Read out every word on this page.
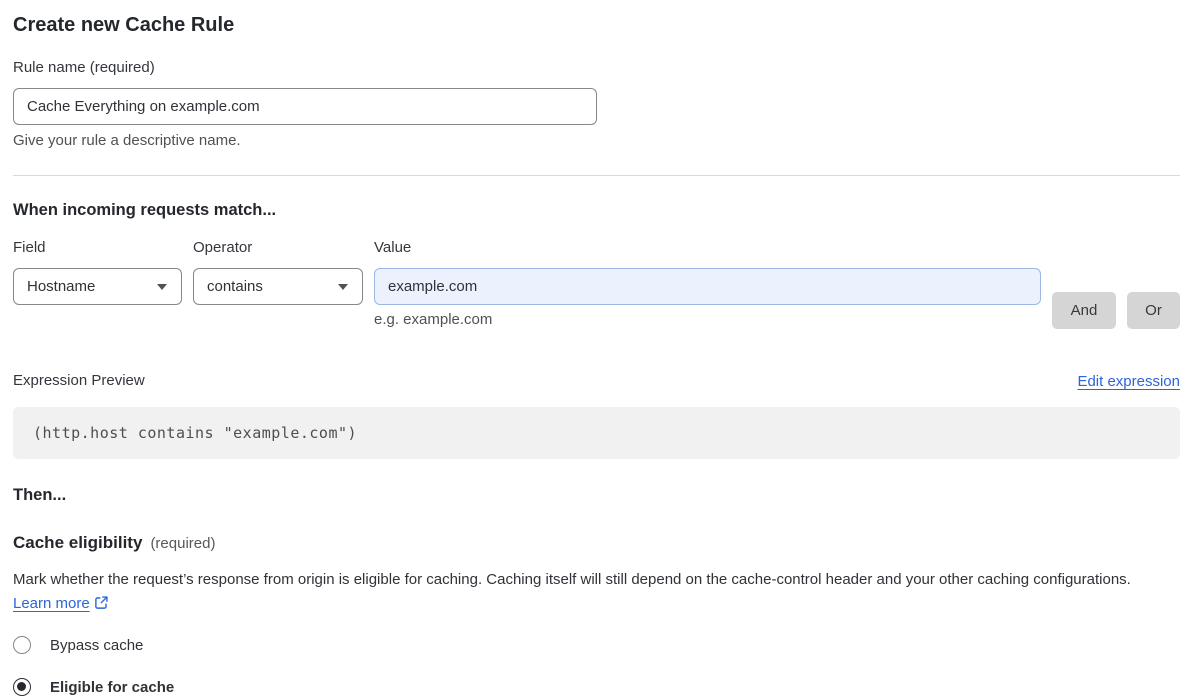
Create new Cache Rule
Rule name (required)
Cache Everything on example.com
Give your rule a descriptive name.
When incoming requests match...
Field
Hostname
Operator
contains
Value
example.com
e.g. example.com
And	Or
Expression Preview	Edit expression
(http.host contains "example.com")
Then...
Cache eligibility (required)

Mark whether the request’s response from origin is eligible for caching. Caching itself will still depend on the cache-control header and your other caching configurations. Learn more

Bypass cache
Eligible for cache
